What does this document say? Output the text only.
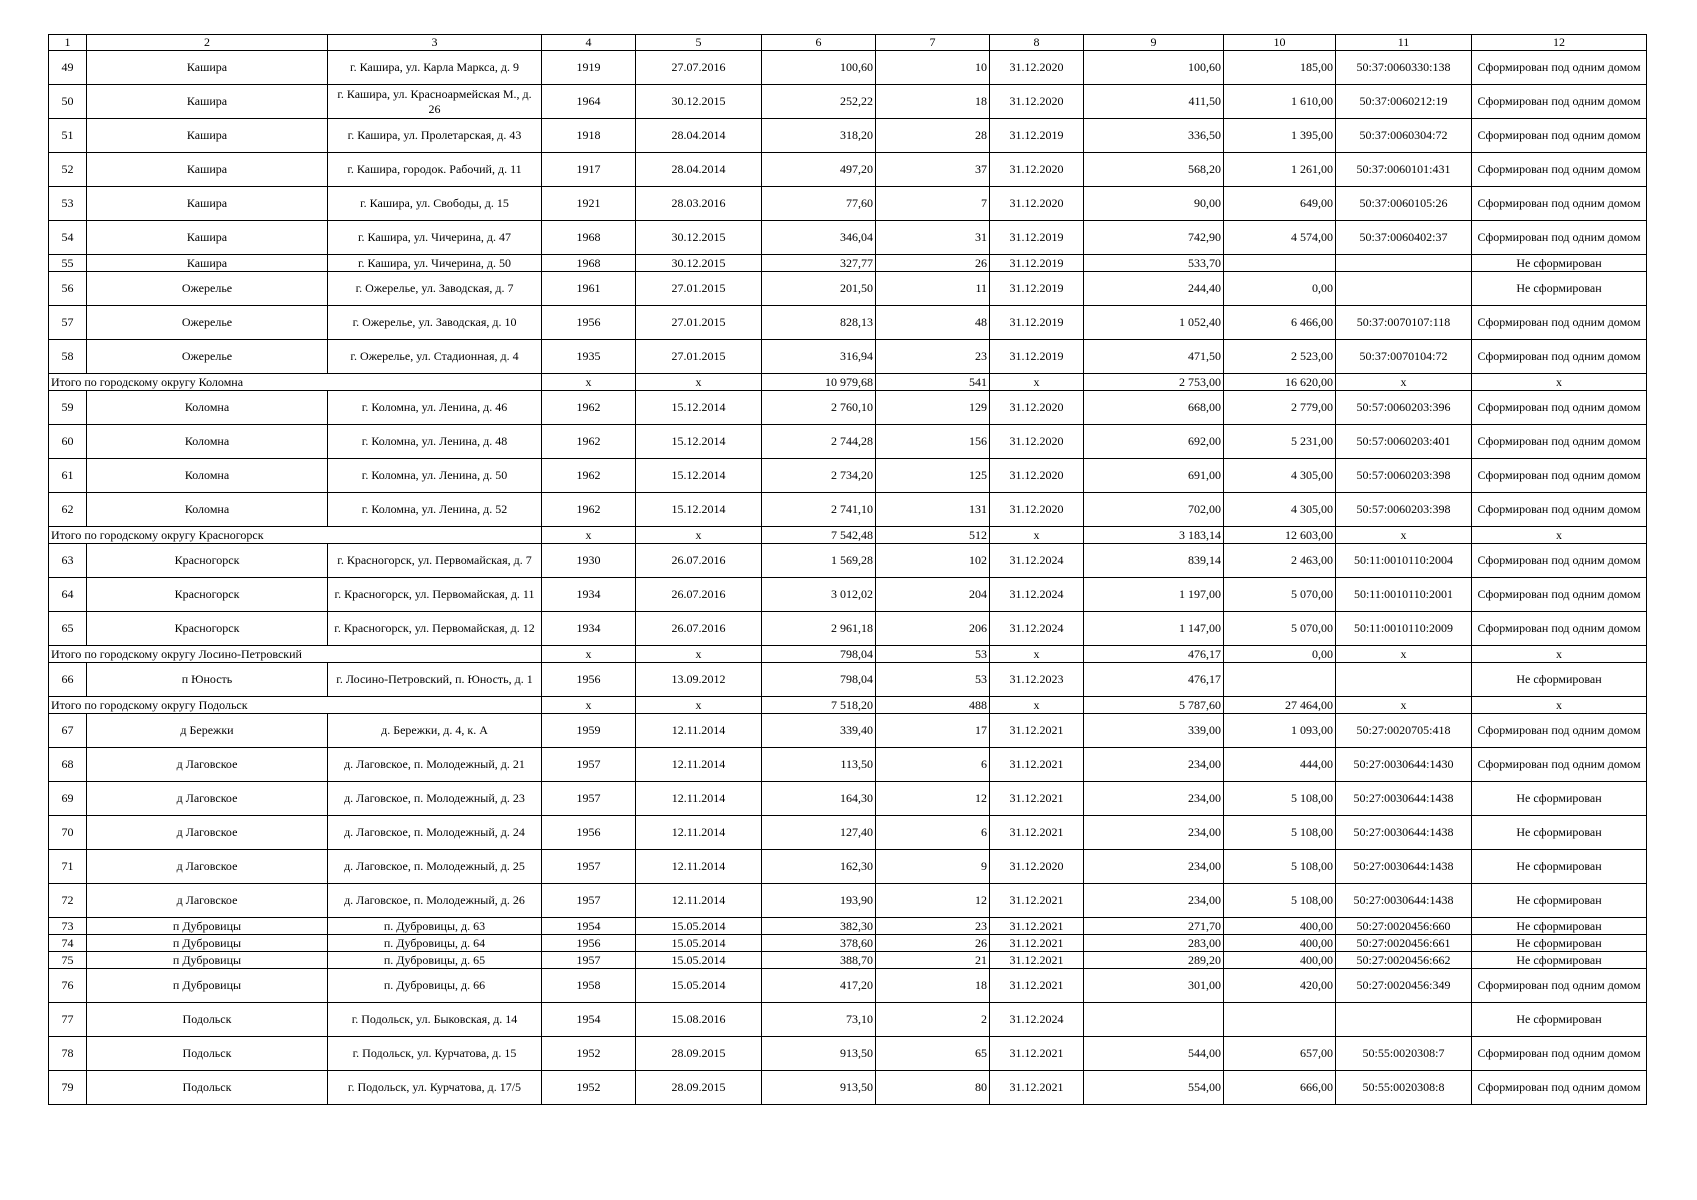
1	2	3	4	5	6	7	8	9	10	11	12
49	Кашира	г. Кашира, ул. Карла Маркса, д. 9	1919	27.07.2016	100,60	10	31.12.2020	100,60	185,00	50:37:0060330:138	Сформирован под одним домом
50	Кашира	г. Кашира, ул. Красноармейская М., д. 26	1964	30.12.2015	252,22	18	31.12.2020	411,50	1 610,00	50:37:0060212:19	Сформирован под одним домом
51	Кашира	г. Кашира, ул. Пролетарская, д. 43	1918	28.04.2014	318,20	28	31.12.2019	336,50	1 395,00	50:37:0060304:72	Сформирован под одним домом
52	Кашира	г. Кашира, городок. Рабочий, д. 11	1917	28.04.2014	497,20	37	31.12.2020	568,20	1 261,00	50:37:0060101:431	Сформирован под одним домом
53	Кашира	г. Кашира, ул. Свободы, д. 15	1921	28.03.2016	77,60	7	31.12.2020	90,00	649,00	50:37:0060105:26	Сформирован под одним домом
54	Кашира	г. Кашира, ул. Чичерина, д. 47	1968	30.12.2015	346,04	31	31.12.2019	742,90	4 574,00	50:37:0060402:37	Сформирован под одним домом
55	Кашира	г. Кашира, ул. Чичерина, д. 50	1968	30.12.2015	327,77	26	31.12.2019	533,70			Не сформирован
56	Ожерелье	г. Ожерелье, ул. Заводская, д. 7	1961	27.01.2015	201,50	11	31.12.2019	244,40	0,00		Не сформирован
57	Ожерелье	г. Ожерелье, ул. Заводская, д. 10	1956	27.01.2015	828,13	48	31.12.2019	1 052,40	6 466,00	50:37:0070107:118	Сформирован под одним домом
58	Ожерелье	г. Ожерелье, ул. Стадионная, д. 4	1935	27.01.2015	316,94	23	31.12.2019	471,50	2 523,00	50:37:0070104:72	Сформирован под одним домом
Итого по городскому округу Коломна			х	х	10 979,68	541	х	2 753,00	16 620,00	х	х
59	Коломна	г. Коломна, ул. Ленина, д. 46	1962	15.12.2014	2 760,10	129	31.12.2020	668,00	2 779,00	50:57:0060203:396	Сформирован под одним домом
60	Коломна	г. Коломна, ул. Ленина, д. 48	1962	15.12.2014	2 744,28	156	31.12.2020	692,00	5 231,00	50:57:0060203:401	Сформирован под одним домом
61	Коломна	г. Коломна, ул. Ленина, д. 50	1962	15.12.2014	2 734,20	125	31.12.2020	691,00	4 305,00	50:57:0060203:398	Сформирован под одним домом
62	Коломна	г. Коломна, ул. Ленина, д. 52	1962	15.12.2014	2 741,10	131	31.12.2020	702,00	4 305,00	50:57:0060203:398	Сформирован под одним домом
Итого по городскому округу Красногорск			х	х	7 542,48	512	х	3 183,14	12 603,00	х	х
63	Красногорск	г. Красногорск, ул. Первомайская, д. 7	1930	26.07.2016	1 569,28	102	31.12.2024	839,14	2 463,00	50:11:0010110:2004	Сформирован под одним домом
64	Красногорск	г. Красногорск, ул. Первомайская, д. 11	1934	26.07.2016	3 012,02	204	31.12.2024	1 197,00	5 070,00	50:11:0010110:2001	Сформирован под одним домом
65	Красногорск	г. Красногорск, ул. Первомайская, д. 12	1934	26.07.2016	2 961,18	206	31.12.2024	1 147,00	5 070,00	50:11:0010110:2009	Сформирован под одним домом
Итого по городскому округу Лосино-Петровский			х	х	798,04	53	х	476,17	0,00	х	х
66	п Юность	г. Лосино-Петровский, п. Юность, д. 1	1956	13.09.2012	798,04	53	31.12.2023	476,17			Не сформирован
Итого по городскому округу Подольск			х	х	7 518,20	488	х	5 787,60	27 464,00	х	х
67	д Бережки	д. Бережки, д. 4, к. А	1959	12.11.2014	339,40	17	31.12.2021	339,00	1 093,00	50:27:0020705:418	Сформирован под одним домом
68	д Лаговское	д. Лаговское, п. Молодежный, д. 21	1957	12.11.2014	113,50	6	31.12.2021	234,00	444,00	50:27:0030644:1430	Сформирован под одним домом
69	д Лаговское	д. Лаговское, п. Молодежный, д. 23	1957	12.11.2014	164,30	12	31.12.2021	234,00	5 108,00	50:27:0030644:1438	Не сформирован
70	д Лаговское	д. Лаговское, п. Молодежный, д. 24	1956	12.11.2014	127,40	6	31.12.2021	234,00	5 108,00	50:27:0030644:1438	Не сформирован
71	д Лаговское	д. Лаговское, п. Молодежный, д. 25	1957	12.11.2014	162,30	9	31.12.2020	234,00	5 108,00	50:27:0030644:1438	Не сформирован
72	д Лаговское	д. Лаговское, п. Молодежный, д. 26	1957	12.11.2014	193,90	12	31.12.2021	234,00	5 108,00	50:27:0030644:1438	Не сформирован
73	п Дубровицы	п. Дубровицы, д. 63	1954	15.05.2014	382,30	23	31.12.2021	271,70	400,00	50:27:0020456:660	Не сформирован
74	п Дубровицы	п. Дубровицы, д. 64	1956	15.05.2014	378,60	26	31.12.2021	283,00	400,00	50:27:0020456:661	Не сформирован
75	п Дубровицы	п. Дубровицы, д. 65	1957	15.05.2014	388,70	21	31.12.2021	289,20	400,00	50:27:0020456:662	Не сформирован
76	п Дубровицы	п. Дубровицы, д. 66	1958	15.05.2014	417,20	18	31.12.2021	301,00	420,00	50:27:0020456:349	Сформирован под одним домом
77	Подольск	г. Подольск, ул. Быковская, д. 14	1954	15.08.2016	73,10	2	31.12.2024				Не сформирован
78	Подольск	г. Подольск, ул. Курчатова, д. 15	1952	28.09.2015	913,50	65	31.12.2021	544,00	657,00	50:55:0020308:7	Сформирован под одним домом
79	Подольск	г. Подольск, ул. Курчатова, д. 17/5	1952	28.09.2015	913,50	80	31.12.2021	554,00	666,00	50:55:0020308:8	Сформирован под одним домом
